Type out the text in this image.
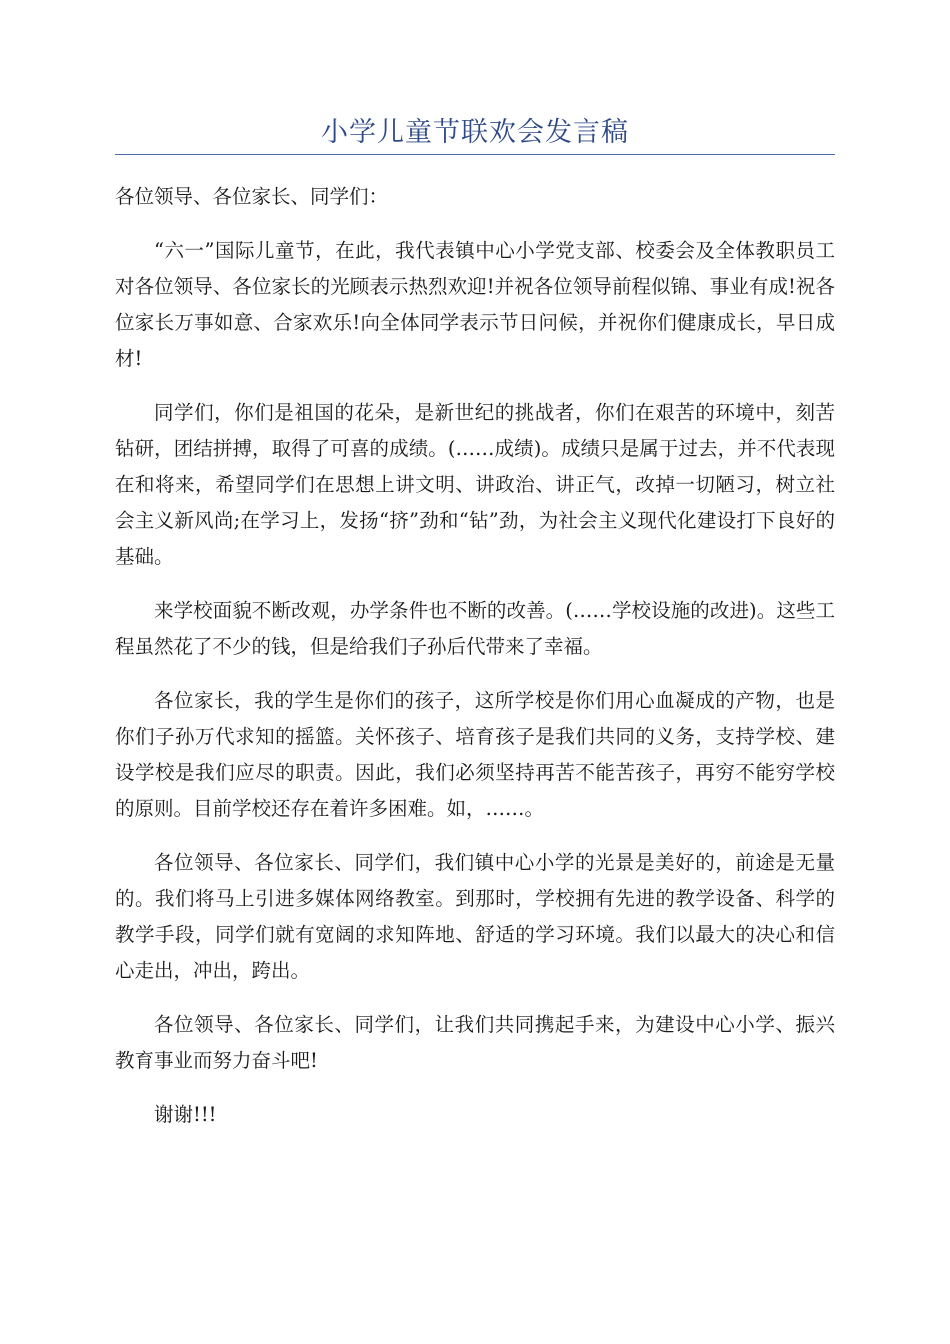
小学儿童节联欢会发言稿
各位领导、各位家长、同学们：

“六一”国际儿童节，在此，我代表镇中心小学党支部、校委会及全体教职员工对各位领导、各位家长的光顾表示热烈欢迎!并祝各位领导前程似锦、事业有成!祝各位家长万事如意、合家欢乐!向全体同学表示节日问候，并祝你们健康成长，早日成材!

同学们，你们是祖国的花朵，是新世纪的挑战者，你们在艰苦的环境中，刻苦钻研，团结拼搏，取得了可喜的成绩。(……成绩)。成绩只是属于过去，并不代表现在和将来，希望同学们在思想上讲文明、讲政治、讲正气，改掉一切陋习，树立社会主义新风尚;在学习上，发扬“挤”劲和“钻”劲，为社会主义现代化建设打下良好的基础。

来学校面貌不断改观，办学条件也不断的改善。(……学校设施的改进)。这些工程虽然花了不少的钱，但是给我们子孙后代带来了幸福。

各位家长，我的学生是你们的孩子，这所学校是你们用心血凝成的产物，也是你们子孙万代求知的摇篮。关怀孩子、培育孩子是我们共同的义务，支持学校、建设学校是我们应尽的职责。因此，我们必须坚持再苦不能苦孩子，再穷不能穷学校的原则。目前学校还存在着许多困难。如，……。

各位领导、各位家长、同学们，我们镇中心小学的光景是美好的，前途是无量的。我们将马上引进多媒体网络教室。到那时，学校拥有先进的教学设备、科学的教学手段，同学们就有宽阔的求知阵地、舒适的学习环境。我们以最大的决心和信心走出，冲出，跨出。

各位领导、各位家长、同学们，让我们共同携起手来，为建设中心小学、振兴教育事业而努力奋斗吧!

谢谢!!!
